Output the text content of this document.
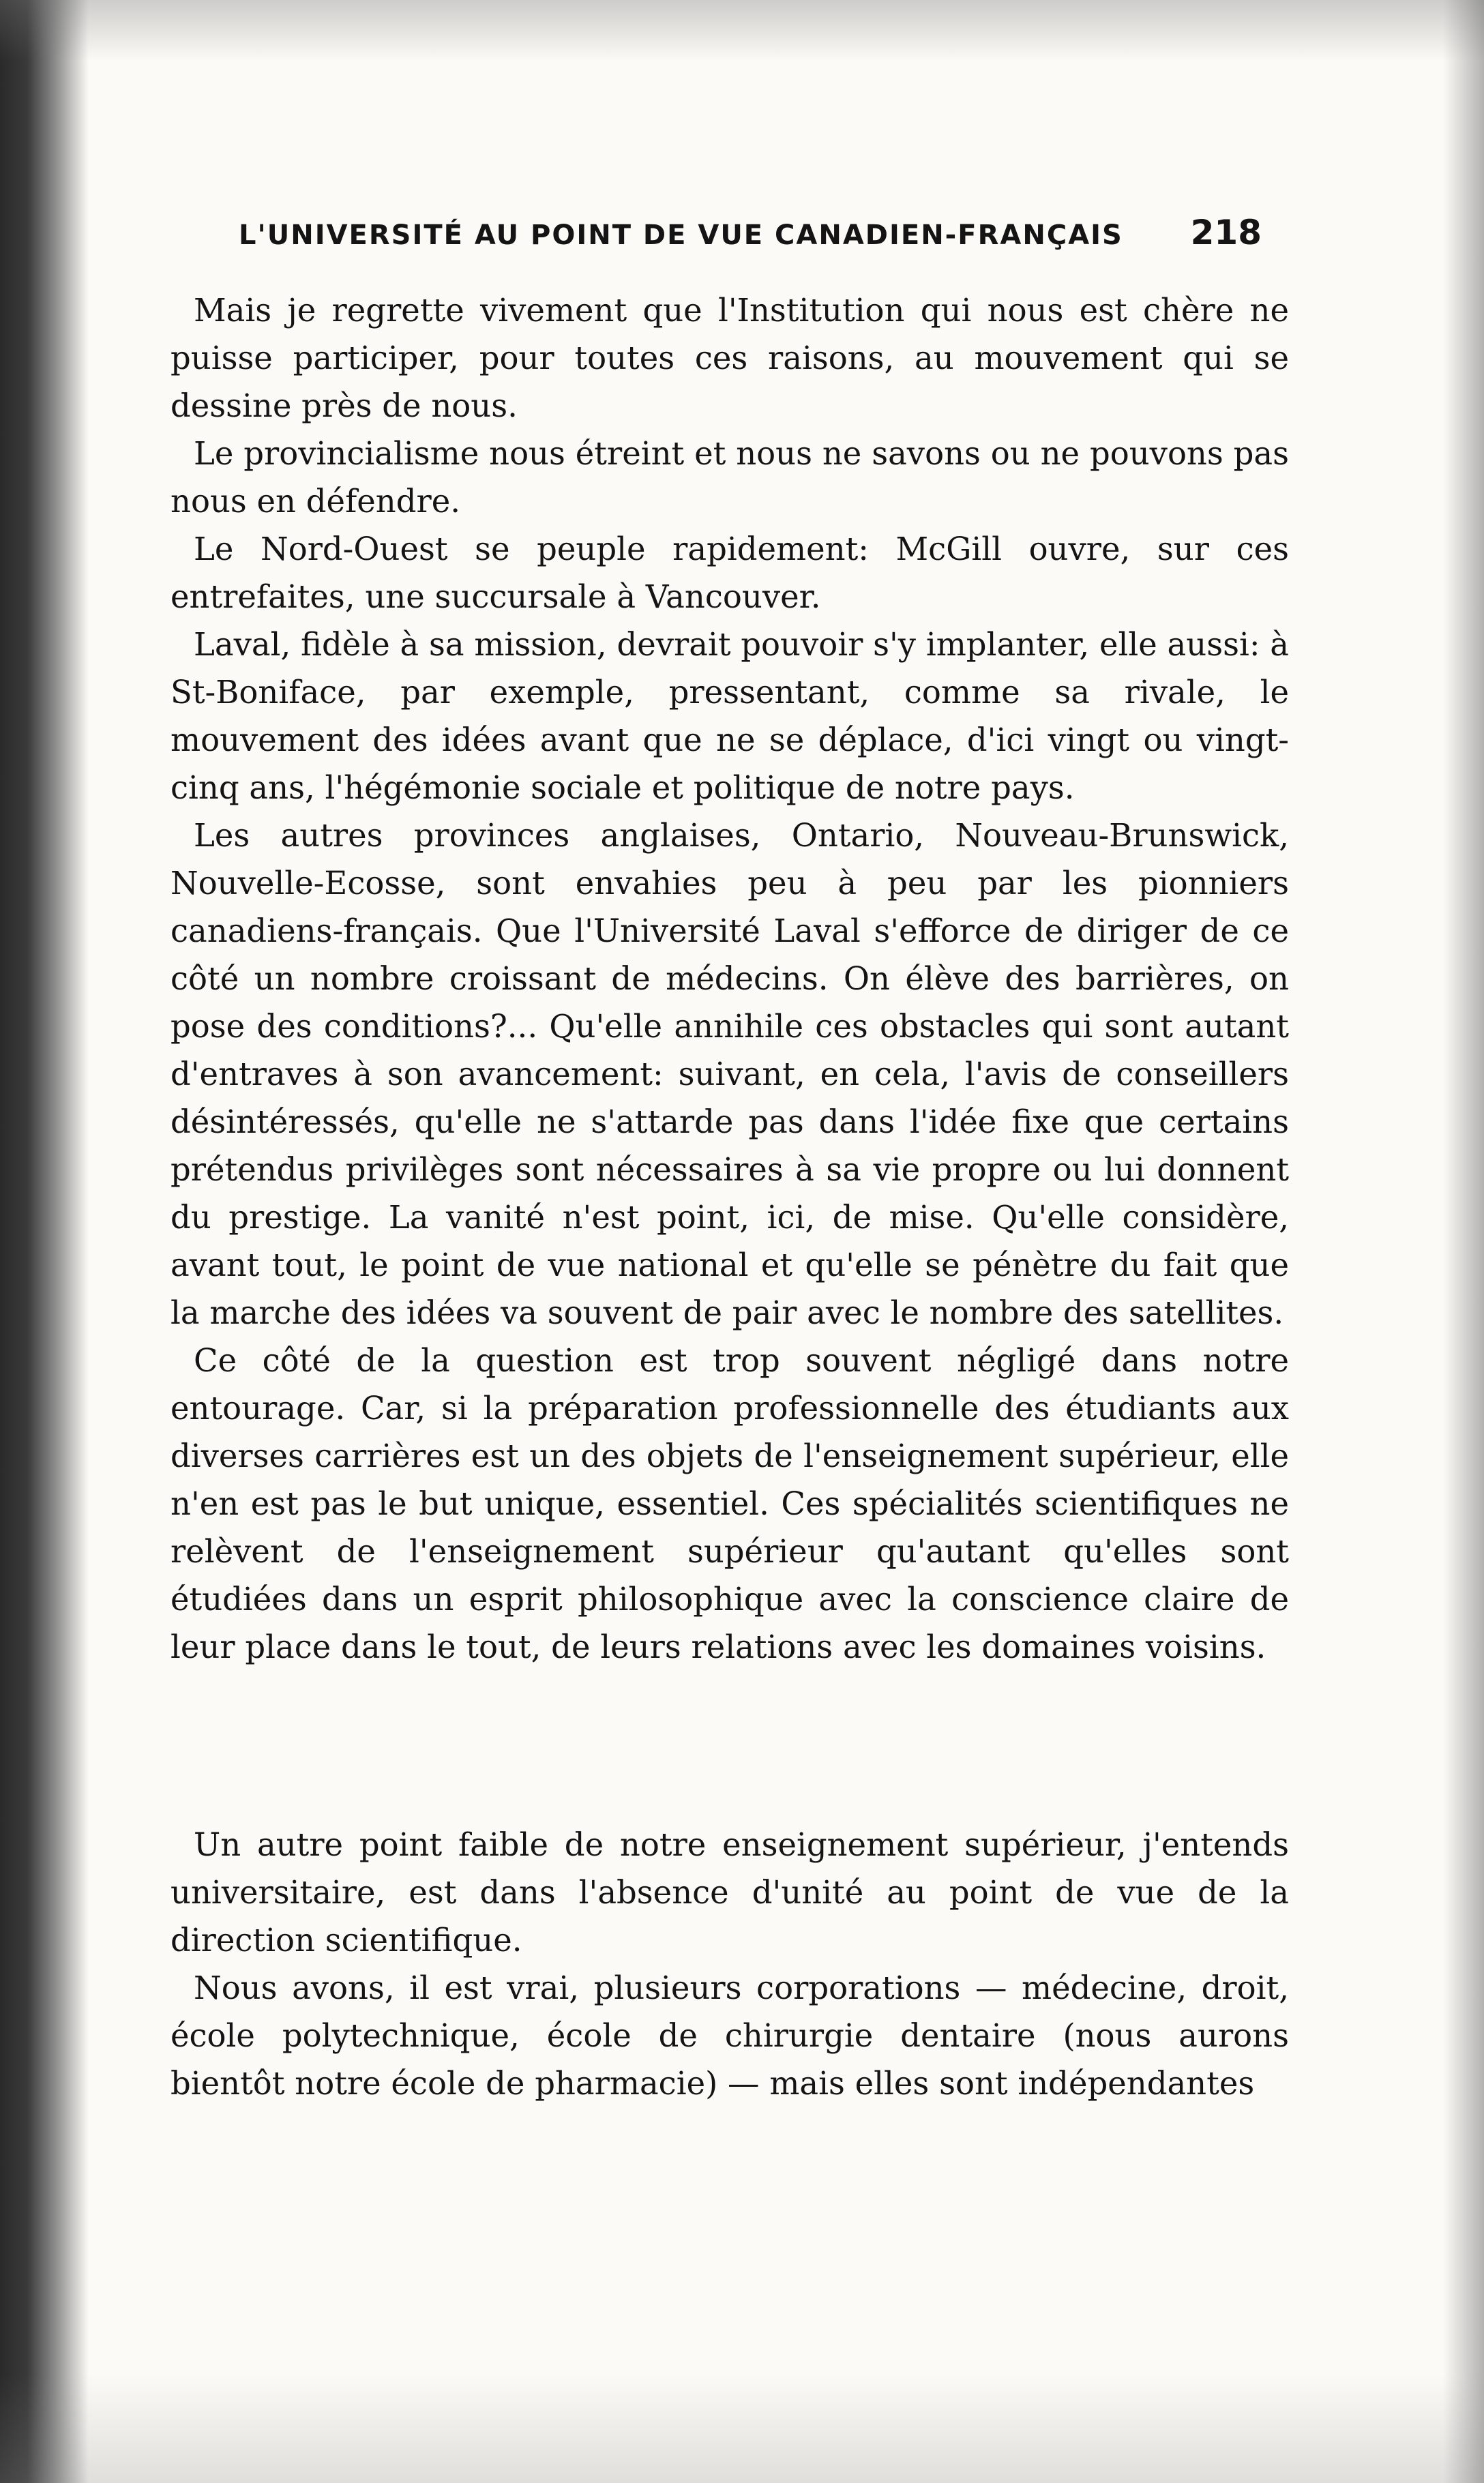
L'UNIVERSITÉ AU POINT DE VUE CANADIEN-FRANÇAIS 218

Mais je regrette vivement que l'Institution qui nous est chère ne puisse participer, pour toutes ces raisons, au mouvement qui se dessine près de nous.

Le provincialisme nous étreint et nous ne savons ou ne pouvons pas nous en défendre.

Le Nord-Ouest se peuple rapidement: McGill ouvre, sur ces entrefaites, une succursale à Vancouver.

Laval, fidèle à sa mission, devrait pouvoir s'y implanter, elle aussi: à St-Boniface, par exemple, pressentant, comme sa rivale, le mouvement des idées avant que ne se déplace, d'ici vingt ou vingt-cinq ans, l'hégémonie sociale et politique de notre pays.

Les autres provinces anglaises, Ontario, Nouveau-Brunswick, Nouvelle-Ecosse, sont envahies peu à peu par les pionniers canadiens-français. Que l'Université Laval s'efforce de diriger de ce côté un nombre croissant de médecins. On élève des barrières, on pose des conditions?... Qu'elle annihile ces obstacles qui sont autant d'entraves à son avancement: suivant, en cela, l'avis de conseillers désintéressés, qu'elle ne s'attarde pas dans l'idée fixe que certains prétendus privilèges sont nécessaires à sa vie propre ou lui donnent du prestige. La vanité n'est point, ici, de mise. Qu'elle considère, avant tout, le point de vue national et qu'elle se pénètre du fait que la marche des idées va souvent de pair avec le nombre des satellites.

Ce côté de la question est trop souvent négligé dans notre entourage. Car, si la préparation professionnelle des étudiants aux diverses carrières est un des objets de l'enseignement supérieur, elle n'en est pas le but unique, essentiel. Ces spécialités scientifiques ne relèvent de l'enseignement supérieur qu'autant qu'elles sont étudiées dans un esprit philosophique avec la conscience claire de leur place dans le tout, de leurs relations avec les domaines voisins.

Un autre point faible de notre enseignement supérieur, j'entends universitaire, est dans l'absence d'unité au point de vue de la direction scientifique.

Nous avons, il est vrai, plusieurs corporations — médecine, droit, école polytechnique, école de chirurgie dentaire (nous aurons bientôt notre école de pharmacie) — mais elles sont indépendantes
